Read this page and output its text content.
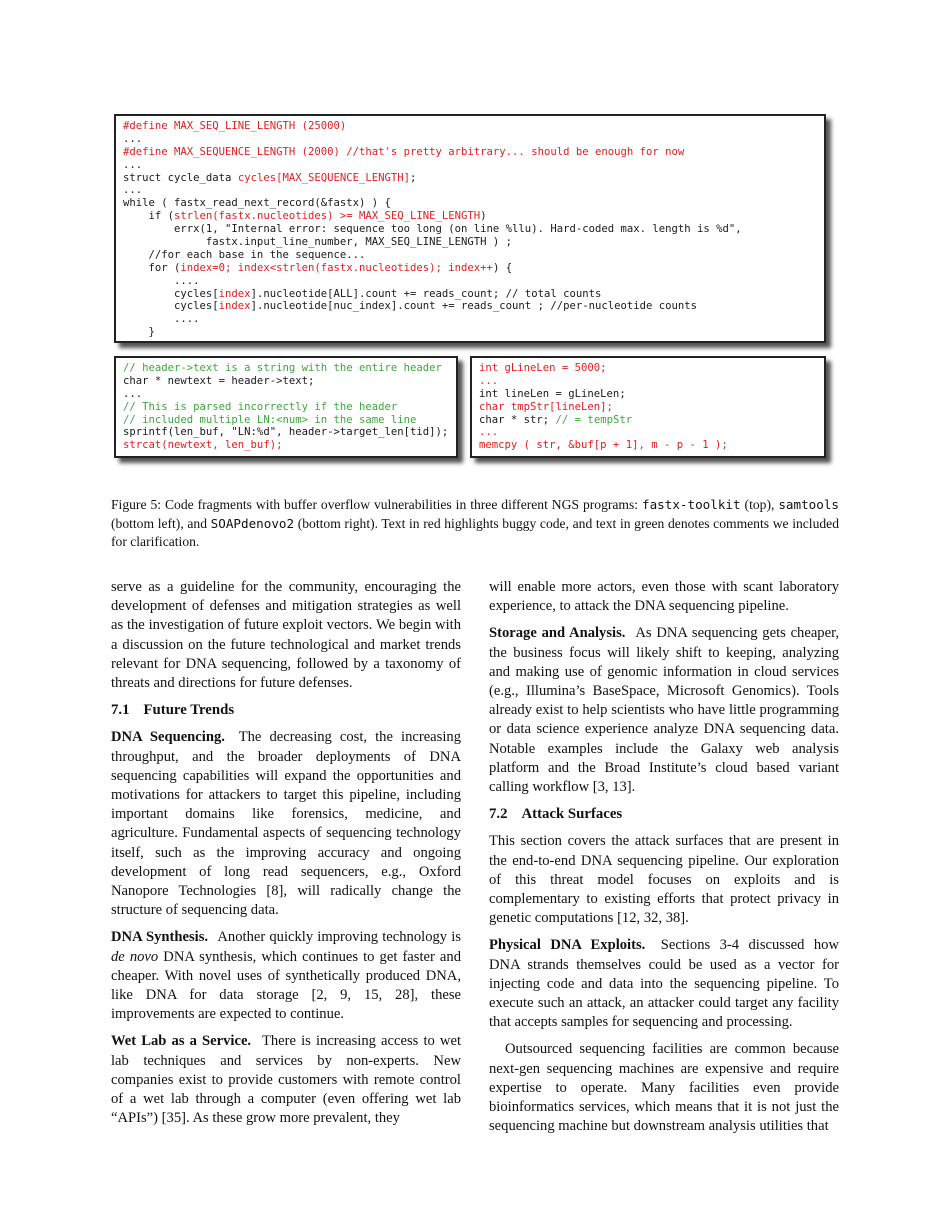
#define MAX_SEQ_LINE_LENGTH (25000)
...
#define MAX_SEQUENCE_LENGTH (2000) //that's pretty arbitrary... should be enough for now
...
struct cycle_data cycles[MAX_SEQUENCE_LENGTH];
...
while ( fastx_read_next_record(&fastx) ) {
if (strlen(fastx.nucleotides) >= MAX_SEQ_LINE_LENGTH)
errx(1, "Internal error: sequence too long (on line %llu). Hard-coded max. length is %d",
fastx.input_line_number, MAX_SEQ_LINE_LENGTH ) ;
//for each base in the sequence...
for (index=0; index<strlen(fastx.nucleotides); index++) {
....
cycles[index].nucleotide[ALL].count += reads_count; // total counts
cycles[index].nucleotide[nuc_index].count += reads_count ; //per-nucleotide counts
....
}
// header->text is a string with the entire header
char * newtext = header->text;
...
// This is parsed incorrectly if the header
// included multiple LN:<num> in the same line
sprintf(len_buf, "LN:%d", header->target_len[tid]);
strcat(newtext, len_buf);
int gLineLen = 5000;
...
int lineLen = gLineLen;
char tmpStr[lineLen];
char * str; // = tempStr
...
memcpy ( str, &buf[p + 1], m - p - 1 );
Figure 5: Code fragments with buffer overflow vulnerabilities in three different NGS programs: fastx-toolkit (top), samtools (bottom left), and SOAPdenovo2 (bottom right). Text in red highlights buggy code, and text in green denotes comments we included for clarification.

serve as a guideline for the community, encouraging the development of defenses and mitigation strategies as well as the investigation of future exploit vectors. We begin with a discussion on the future technological and market trends relevant for DNA sequencing, followed by a taxonomy of threats and directions for future defenses.

7.1 Future Trends

DNA Sequencing. The decreasing cost, the increasing throughput, and the broader deployments of DNA sequencing capabilities will expand the opportunities and motivations for attackers to target this pipeline, including important domains like forensics, medicine, and agriculture. Fundamental aspects of sequencing technology itself, such as the improving accuracy and ongoing development of long read sequencers, e.g., Oxford Nanopore Technologies [8], will radically change the structure of sequencing data.

DNA Synthesis. Another quickly improving technology is de novo DNA synthesis, which continues to get faster and cheaper. With novel uses of synthetically produced DNA, like DNA for data storage [2, 9, 15, 28], these improvements are expected to continue.

Wet Lab as a Service. There is increasing access to wet lab techniques and services by non-experts. New companies exist to provide customers with remote control of a wet lab through a computer (even offering wet lab “APIs”) [35]. As these grow more prevalent, they

will enable more actors, even those with scant laboratory experience, to attack the DNA sequencing pipeline.

Storage and Analysis. As DNA sequencing gets cheaper, the business focus will likely shift to keeping, analyzing and making use of genomic information in cloud services (e.g., Illumina’s BaseSpace, Microsoft Genomics). Tools already exist to help scientists who have little programming or data science experience analyze DNA sequencing data. Notable examples include the Galaxy web analysis platform and the Broad Institute’s cloud based variant calling workflow [3, 13].

7.2 Attack Surfaces

This section covers the attack surfaces that are present in the end-to-end DNA sequencing pipeline. Our exploration of this threat model focuses on exploits and is complementary to existing efforts that protect privacy in genetic computations [12, 32, 38].

Physical DNA Exploits. Sections 3-4 discussed how DNA strands themselves could be used as a vector for injecting code and data into the sequencing pipeline. To execute such an attack, an attacker could target any facility that accepts samples for sequencing and processing.

Outsourced sequencing facilities are common because next-gen sequencing machines are expensive and require expertise to operate. Many facilities even provide bioinformatics services, which means that it is not just the sequencing machine but downstream analysis utilities that
